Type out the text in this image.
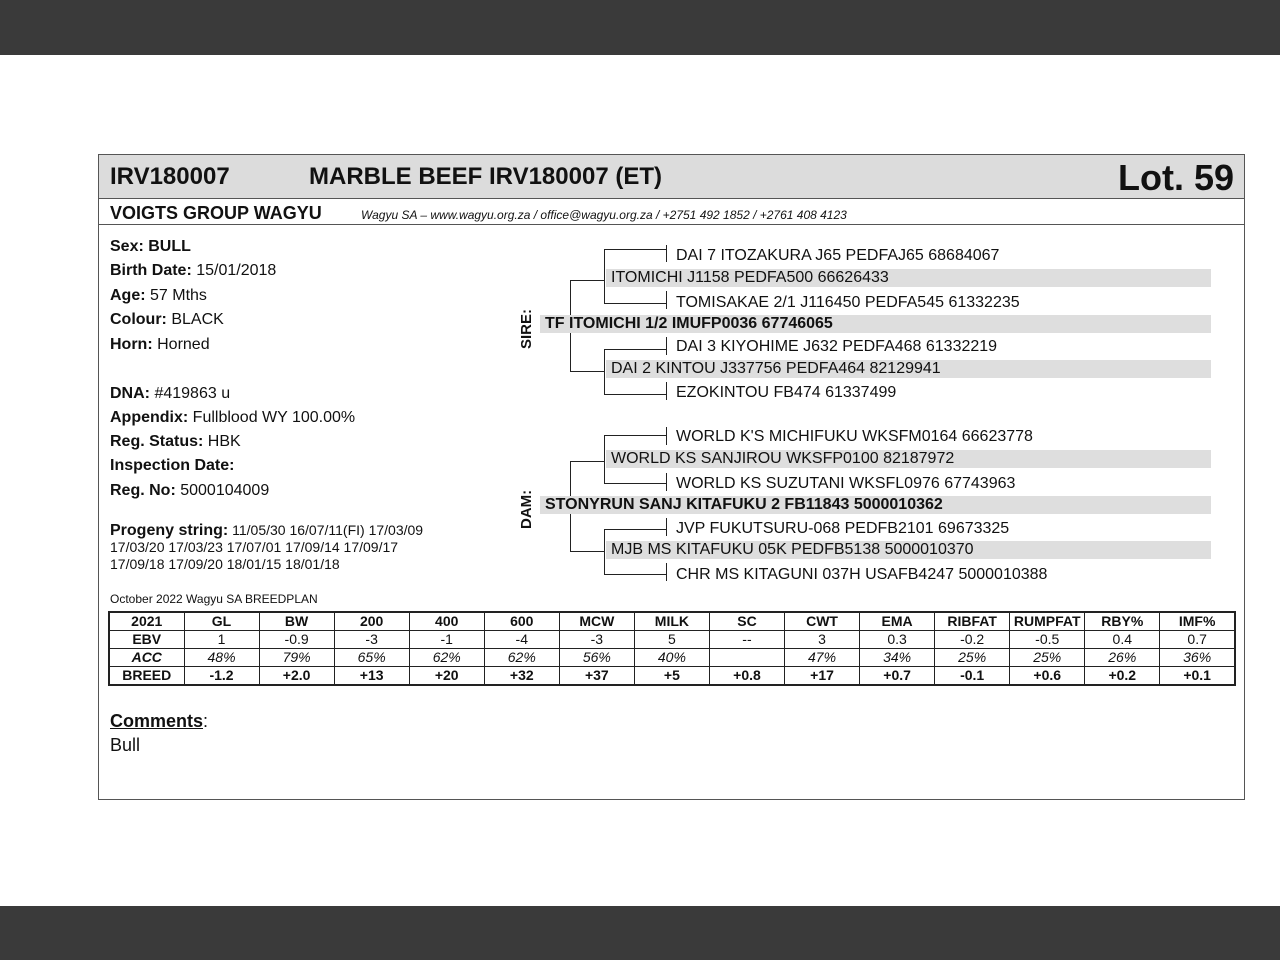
IRV180007	MARBLE BEEF IRV180007 (ET)	Lot. 59
VOIGTS GROUP WAGYU	Wagyu SA – www.wagyu.org.za / office@wagyu.org.za / +2751 492 1852 / +2761 408 4123
Sex: BULL
Birth Date: 15/01/2018
Age: 57 Mths
Colour: BLACK
Horn: Horned
DNA: #419863 u
Appendix: Fullblood WY 100.00%
Reg. Status: HBK
Inspection Date:
Reg. No: 5000104009
Progeny string: 11/05/30 16/07/11(FI) 17/03/09
17/03/20 17/03/23 17/07/01 17/09/14 17/09/17
17/09/18 17/09/20 18/01/15 18/01/18
SIRE:
DAI 7 ITOZAKURA J65 PEDFAJ65 68684067
ITOMICHI J1158 PEDFA500 66626433
TOMISAKAE 2/1 J116450 PEDFA545 61332235
TF ITOMICHI 1/2 IMUFP0036 67746065
DAI 3 KIYOHIME J632 PEDFA468 61332219
DAI 2 KINTOU J337756 PEDFA464 82129941
EZOKINTOU FB474 61337499
DAM:
WORLD K'S MICHIFUKU WKSFM0164 66623778
WORLD KS SANJIROU WKSFP0100 82187972
WORLD KS SUZUTANI WKSFL0976 67743963
STONYRUN SANJ KITAFUKU 2 FB11843 5000010362
JVP FUKUTSURU-068 PEDFB2101 69673325
MJB MS KITAFUKU 05K PEDFB5138 5000010370
CHR MS KITAGUNI 037H USAFB4247 5000010388
October 2022 Wagyu SA BREEDPLAN
2021	GL	BW	200	400	600	MCW	MILK	SC	CWT	EMA	RIBFAT	RUMPFAT	RBY%	IMF%
EBV	1	-0.9	-3	-1	-4	-3	5	--	3	0.3	-0.2	-0.5	0.4	0.7
ACC	48%	79%	65%	62%	62%	56%	40%		47%	34%	25%	25%	26%	36%
BREED	-1.2	+2.0	+13	+20	+32	+37	+5	+0.8	+17	+0.7	-0.1	+0.6	+0.2	+0.1
Comments:
Bull
